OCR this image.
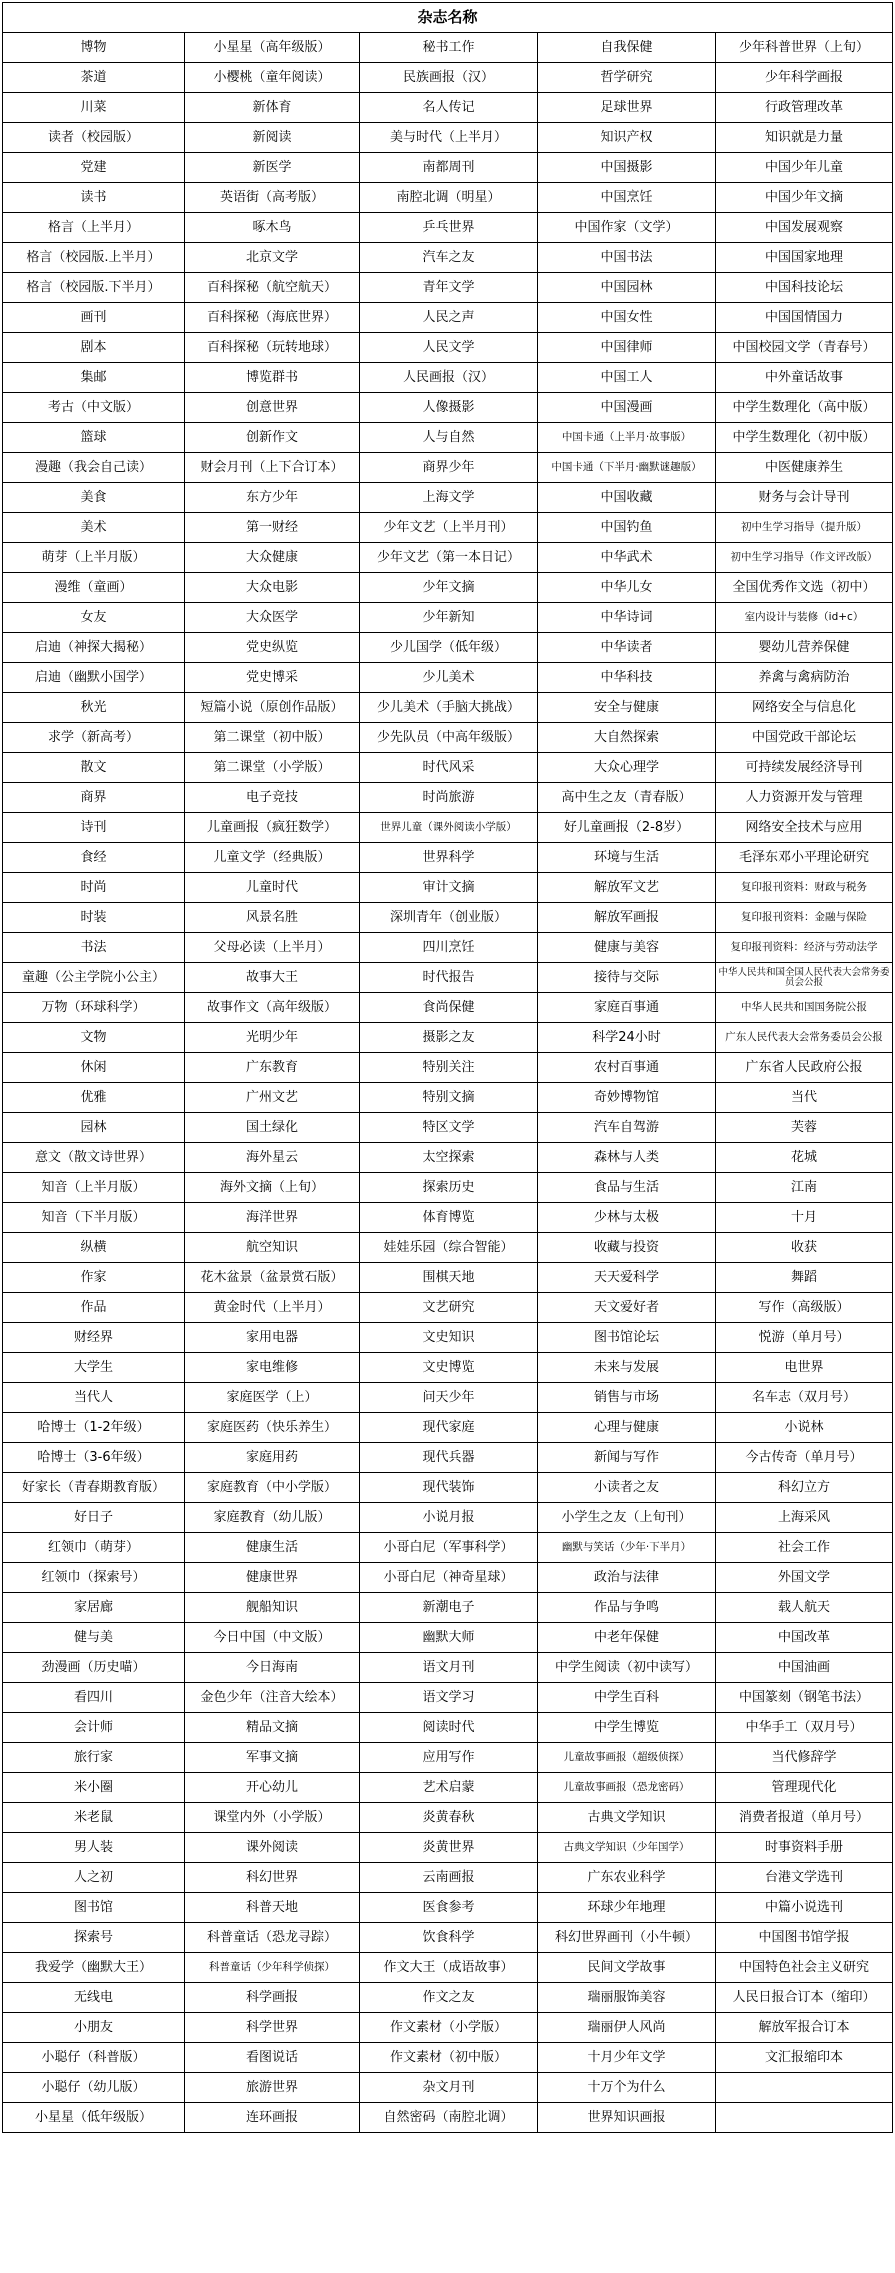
杂志名称				
博物	小星星（高年级版）	秘书工作	自我保健	少年科普世界（上旬）
茶道	小樱桃（童年阅读）	民族画报（汉）	哲学研究	少年科学画报
川菜	新体育	名人传记	足球世界	行政管理改革
读者（校园版）	新阅读	美与时代（上半月）	知识产权	知识就是力量
党建	新医学	南都周刊	中国摄影	中国少年儿童
读书	英语街（高考版）	南腔北调（明星）	中国烹饪	中国少年文摘
格言（上半月）	啄木鸟	乒乓世界	中国作家（文学）	中国发展观察
格言（校园版.上半月）	北京文学	汽车之友	中国书法	中国国家地理
格言（校园版.下半月）	百科探秘（航空航天）	青年文学	中国园林	中国科技论坛
画刊	百科探秘（海底世界）	人民之声	中国女性	中国国情国力
剧本	百科探秘（玩转地球）	人民文学	中国律师	中国校园文学（青春号）
集邮	博览群书	人民画报（汉）	中国工人	中外童话故事
考古（中文版）	创意世界	人像摄影	中国漫画	中学生数理化（高中版）
篮球	创新作文	人与自然	中国卡通（上半月·故事版）	中学生数理化（初中版）
漫趣（我会自己读）	财会月刊（上下合订本）	商界少年	中国卡通（下半月·幽默谜趣版）	中医健康养生
美食	东方少年	上海文学	中国收藏	财务与会计导刊
美术	第一财经	少年文艺（上半月刊）	中国钓鱼	初中生学习指导（提升版）
萌芽（上半月版）	大众健康	少年文艺（第一本日记）	中华武术	初中生学习指导（作文评改版）
漫维（童画）	大众电影	少年文摘	中华儿女	全国优秀作文选（初中）
女友	大众医学	少年新知	中华诗词	室内设计与装修（id+c）
启迪（神探大揭秘）	党史纵览	少儿国学（低年级）	中华读者	婴幼儿营养保健
启迪（幽默小国学）	党史博采	少儿美术	中华科技	养禽与禽病防治
秋光	短篇小说（原创作品版）	少儿美术（手脑大挑战）	安全与健康	网络安全与信息化
求学（新高考）	第二课堂（初中版）	少先队员（中高年级版）	大自然探索	中国党政干部论坛
散文	第二课堂（小学版）	时代风采	大众心理学	可持续发展经济导刊
商界	电子竞技	时尚旅游	高中生之友（青春版）	人力资源开发与管理
诗刊	儿童画报（疯狂数学）	世界儿童（课外阅读小学版）	好儿童画报（2-8岁）	网络安全技术与应用
食经	儿童文学（经典版）	世界科学	环境与生活	毛泽东邓小平理论研究
时尚	儿童时代	审计文摘	解放军文艺	复印报刊资料：财政与税务
时装	风景名胜	深圳青年（创业版）	解放军画报	复印报刊资料：金融与保险
书法	父母必读（上半月）	四川烹饪	健康与美容	复印报刊资料：经济与劳动法学
童趣（公主学院小公主）	故事大王	时代报告	接待与交际	中华人民共和国全国人民代表大会常务委员会公报
万物（环球科学）	故事作文（高年级版）	食尚保健	家庭百事通	中华人民共和国国务院公报
文物	光明少年	摄影之友	科学24小时	广东人民代表大会常务委员会公报
休闲	广东教育	特别关注	农村百事通	广东省人民政府公报
优雅	广州文艺	特别文摘	奇妙博物馆	当代
园林	国土绿化	特区文学	汽车自驾游	芙蓉
意文（散文诗世界）	海外星云	太空探索	森林与人类	花城
知音（上半月版）	海外文摘（上旬）	探索历史	食品与生活	江南
知音（下半月版）	海洋世界	体育博览	少林与太极	十月
纵横	航空知识	娃娃乐园（综合智能）	收藏与投资	收获
作家	花木盆景（盆景赏石版）	围棋天地	天天爱科学	舞蹈
作品	黄金时代（上半月）	文艺研究	天文爱好者	写作（高级版）
财经界	家用电器	文史知识	图书馆论坛	悦游（单月号）
大学生	家电维修	文史博览	未来与发展	电世界
当代人	家庭医学（上）	问天少年	销售与市场	名车志（双月号）
哈博士（1-2年级）	家庭医药（快乐养生）	现代家庭	心理与健康	小说林
哈博士（3-6年级）	家庭用药	现代兵器	新闻与写作	今古传奇（单月号）
好家长（青春期教育版）	家庭教育（中小学版）	现代装饰	小读者之友	科幻立方
好日子	家庭教育（幼儿版）	小说月报	小学生之友（上旬刊）	上海采风
红领巾（萌芽）	健康生活	小哥白尼（军事科学）	幽默与笑话（少年·下半月）	社会工作
红领巾（探索号）	健康世界	小哥白尼（神奇星球）	政治与法律	外国文学
家居廊	舰船知识	新潮电子	作品与争鸣	载人航天
健与美	今日中国（中文版）	幽默大师	中老年保健	中国改革
劲漫画（历史喵）	今日海南	语文月刊	中学生阅读（初中读写）	中国油画
看四川	金色少年（注音大绘本）	语文学习	中学生百科	中国篆刻（钢笔书法）
会计师	精品文摘	阅读时代	中学生博览	中华手工（双月号）
旅行家	军事文摘	应用写作	儿童故事画报（超级侦探）	当代修辞学
米小圈	开心幼儿	艺术启蒙	儿童故事画报（恐龙密码）	管理现代化
米老鼠	课堂内外（小学版）	炎黄春秋	古典文学知识	消费者报道（单月号）
男人装	课外阅读	炎黄世界	古典文学知识（少年国学）	时事资料手册
人之初	科幻世界	云南画报	广东农业科学	台港文学选刊
图书馆	科普天地	医食参考	环球少年地理	中篇小说选刊
探索号	科普童话（恐龙寻踪）	饮食科学	科幻世界画刊（小牛顿）	中国图书馆学报
我爱学（幽默大王）	科普童话（少年科学侦探）	作文大王（成语故事）	民间文学故事	中国特色社会主义研究
无线电	科学画报	作文之友	瑞丽服饰美容	人民日报合订本（缩印）
小朋友	科学世界	作文素材（小学版）	瑞丽伊人风尚	解放军报合订本
小聪仔（科普版）	看图说话	作文素材（初中版）	十月少年文学	文汇报缩印本
小聪仔（幼儿版）	旅游世界	杂文月刊	十万个为什么	
小星星（低年级版）	连环画报	自然密码（南腔北调）	世界知识画报	
